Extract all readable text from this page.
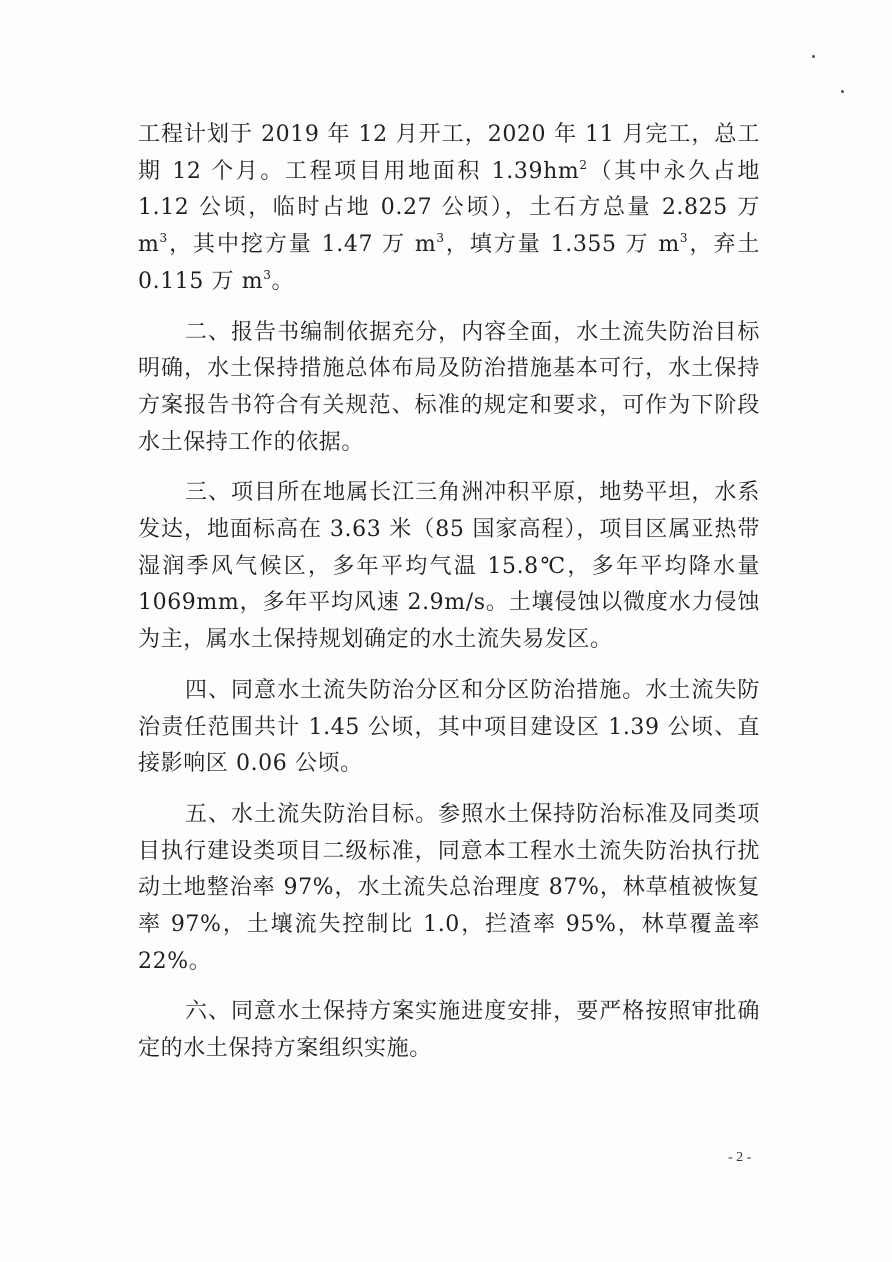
工程计划于 2019 年 12 月开工，2020 年 11 月完工，总工期 12 个月。工程项目用地面积 $1.39hm^2$（其中永久占地 1.12 公顷，临时占地 0.27 公顷），土石方总量 2.825 万 $m^3$，其中挖方量 1.47 万 $m^3$，填方量 1.355 万 $m^3$，弃土 0.115 万 $m^3$。

二、报告书编制依据充分，内容全面，水土流失防治目标明确，水土保持措施总体布局及防治措施基本可行，水土保持方案报告书符合有关规范、标准的规定和要求，可作为下阶段水土保持工作的依据。

三、项目所在地属长江三角洲冲积平原，地势平坦，水系发达，地面标高在 3.63 米（85 国家高程），项目区属亚热带湿润季风气候区，多年平均气温 15.8℃，多年平均降水量 1069mm，多年平均风速 2.9m/s。土壤侵蚀以微度水力侵蚀为主，属水土保持规划确定的水土流失易发区。

四、同意水土流失防治分区和分区防治措施。水土流失防治责任范围共计 1.45 公顷，其中项目建设区 1.39 公顷、直接影响区 0.06 公顷。

五、水土流失防治目标。参照水土保持防治标准及同类项目执行建设类项目二级标准，同意本工程水土流失防治执行扰动土地整治率 97%，水土流失总治理度 87%，林草植被恢复率 97%，土壤流失控制比 1.0，拦渣率 95%，林草覆盖率 22%。

六、同意水土保持方案实施进度安排，要严格按照审批确定的水土保持方案组织实施。

- 2 -
